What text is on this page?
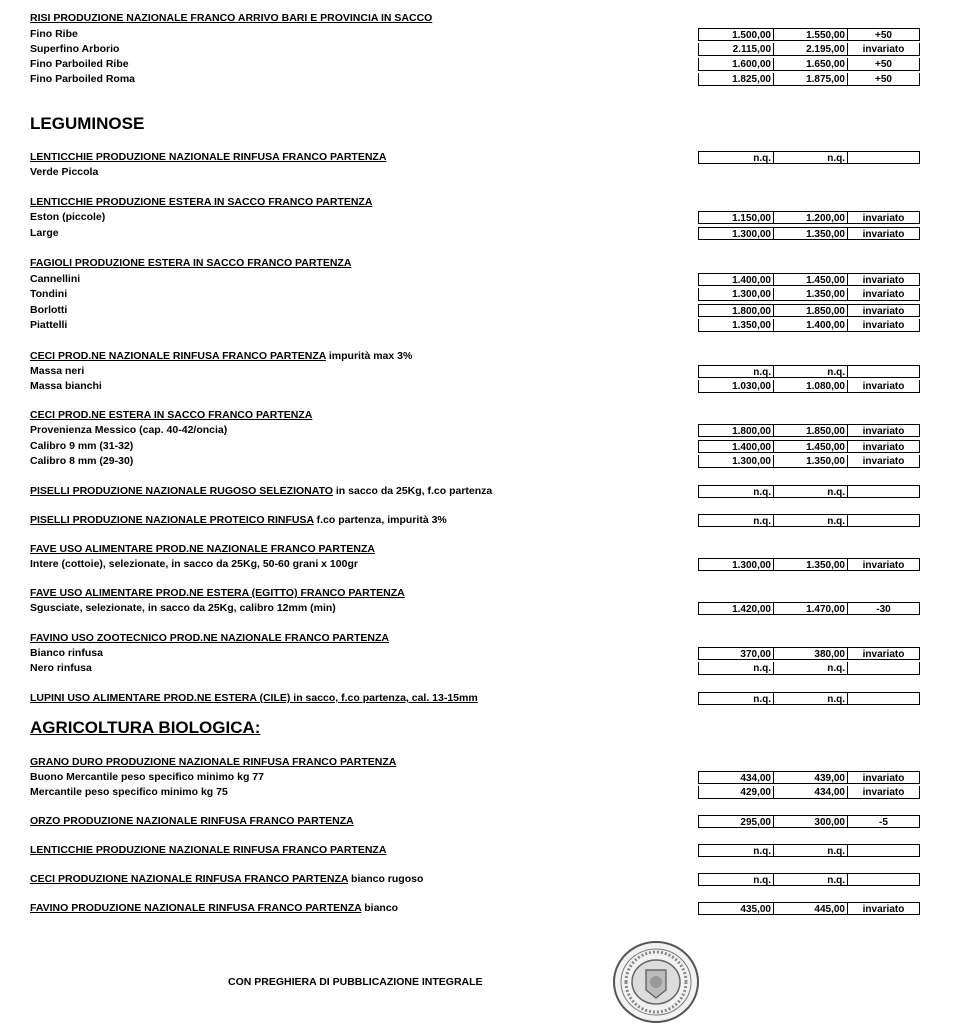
RISI PRODUZIONE NAZIONALE FRANCO ARRIVO BARI E PROVINCIA IN SACCO
Fino Ribe	1.500,00	1.550,00	+50
Superfino Arborio	2.115,00	2.195,00	invariato
Fino Parboiled Ribe	1.600,00	1.650,00	+50
Fino Parboiled Roma	1.825,00	1.875,00	+50
LEGUMINOSE
LENTICCHIE PRODUZIONE NAZIONALE RINFUSA FRANCO PARTENZA	n.q.	n.q.
Verde Piccola
LENTICCHIE PRODUZIONE ESTERA IN SACCO FRANCO PARTENZA
Eston (piccole)	1.150,00	1.200,00	invariato
Large	1.300,00	1.350,00	invariato
FAGIOLI PRODUZIONE ESTERA IN SACCO FRANCO PARTENZA
Cannellini	1.400,00	1.450,00	invariato
Tondini	1.300,00	1.350,00	invariato
Borlotti	1.800,00	1.850,00	invariato
Piattelli	1.350,00	1.400,00	invariato
CECI PROD.NE NAZIONALE RINFUSA FRANCO PARTENZA impurità max 3%
Massa neri	n.q.	n.q.
Massa bianchi	1.030,00	1.080,00	invariato
CECI PROD.NE ESTERA IN SACCO FRANCO PARTENZA
Provenienza Messico (cap. 40-42/oncia)	1.800,00	1.850,00	invariato
Calibro 9 mm (31-32)	1.400,00	1.450,00	invariato
Calibro 8 mm (29-30)	1.300,00	1.350,00	invariato
PISELLI PRODUZIONE NAZIONALE RUGOSO SELEZIONATO in sacco da 25Kg, f.co partenza	n.q.	n.q.
PISELLI PRODUZIONE NAZIONALE PROTEICO RINFUSA f.co partenza, impurità 3%	n.q.	n.q.
FAVE USO ALIMENTARE PROD.NE NAZIONALE FRANCO PARTENZA
Intere (cottoie), selezionate, in sacco da 25Kg, 50-60 grani x 100gr	1.300,00	1.350,00	invariato
FAVE USO ALIMENTARE PROD.NE ESTERA (EGITTO) FRANCO PARTENZA
Sgusciate, selezionate, in sacco da 25Kg, calibro 12mm (min)	1.420,00	1.470,00	-30
FAVINO USO ZOOTECNICO PROD.NE NAZIONALE FRANCO PARTENZA
Bianco rinfusa	370,00	380,00	invariato
Nero rinfusa	n.q.	n.q.
LUPINI USO ALIMENTARE PROD.NE ESTERA (CILE) in sacco, f.co partenza, cal. 13-15mm	n.q.	n.q.
AGRICOLTURA BIOLOGICA:
GRANO DURO PRODUZIONE NAZIONALE RINFUSA FRANCO PARTENZA
Buono Mercantile peso specifico minimo kg 77	434,00	439,00	invariato
Mercantile peso specifico minimo kg 75	429,00	434,00	invariato
ORZO PRODUZIONE NAZIONALE RINFUSA FRANCO PARTENZA	295,00	300,00	-5
LENTICCHIE PRODUZIONE NAZIONALE RINFUSA FRANCO PARTENZA	n.q.	n.q.
CECI PRODUZIONE NAZIONALE RINFUSA FRANCO PARTENZA bianco rugoso	n.q.	n.q.
FAVINO PRODUZIONE NAZIONALE RINFUSA FRANCO PARTENZA bianco	435,00	445,00	invariato
CON PREGHIERA DI PUBBLICAZIONE INTEGRALE
